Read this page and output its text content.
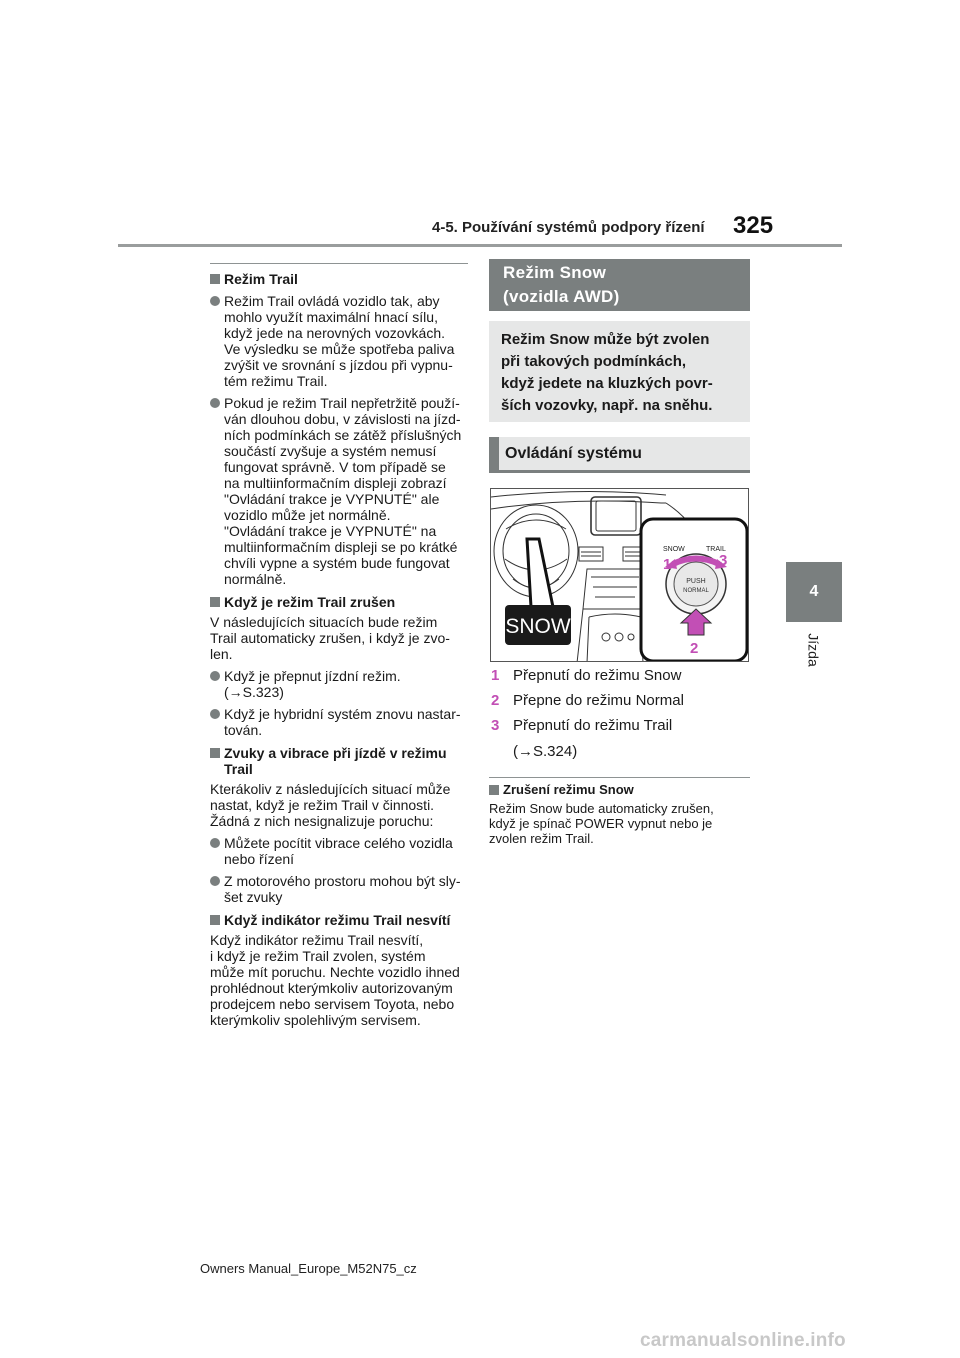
4-5. Používání systémů podpory řízení 325
4
Jízda
Režim Trail
Režim Trail ovládá vozidlo tak, aby
mohlo využít maximální hnací sílu,
když jede na nerovných vozovkách.
Ve výsledku se může spotřeba paliva
zvýšit ve srovnání s jízdou při vypnu-
tém režimu Trail.
Pokud je režim Trail nepřetržitě použí-
ván dlouhou dobu, v závislosti na jízd-
ních podmínkách se zátěž příslušných
součástí zvyšuje a systém nemusí
fungovat správně. V tom případě se
na multiinformačním displeji zobrazí
"Ovládání trakce je VYPNUTÉ" ale
vozidlo může jet normálně.
"Ovládání trakce je VYPNUTÉ" na
multiinformačním displeji se po krátké
chvíli vypne a systém bude fungovat
normálně.
Když je režim Trail zrušen
V následujících situacích bude režim
Trail automaticky zrušen, i když je zvo-
len.
Když je přepnut jízdní režim.
(→S.323)
Když je hybridní systém znovu nastar-
tován.
Zvuky a vibrace při jízdě v režimu
Trail
Kterákoliv z následujících situací může
nastat, když je režim Trail v činnosti.
Žádná z nich nesignalizuje poruchu:
Můžete pocítit vibrace celého vozidla
nebo řízení
Z motorového prostoru mohou být sly-
šet zvuky
Když indikátor režimu Trail nesvítí
Když indikátor režimu Trail nesvítí,
i když je režim Trail zvolen, systém
může mít poruchu. Nechte vozidlo ihned
prohlédnout kterýmkoliv autorizovaným
prodejcem nebo servisem Toyota, nebo
kterýmkoliv spolehlivým servisem.
Režim Snow
(vozidla AWD)
Režim Snow může být zvolen
při takových podmínkách,
když jedete na kluzkých povr-
ších vozovky, např. na sněhu.
Ovládání systému
SNOW
SNOW	TRAIL
PUSH
NORMAL
1	3
2
1 Přepnutí do režimu Snow
2 Přepne do režimu Normal
3 Přepnutí do režimu Trail
(→S.324)
Zrušení režimu Snow
Režim Snow bude automaticky zrušen,
když je spínač POWER vypnut nebo je
zvolen režim Trail.
Owners Manual_Europe_M52N75_cz
carmanualsonline.info
